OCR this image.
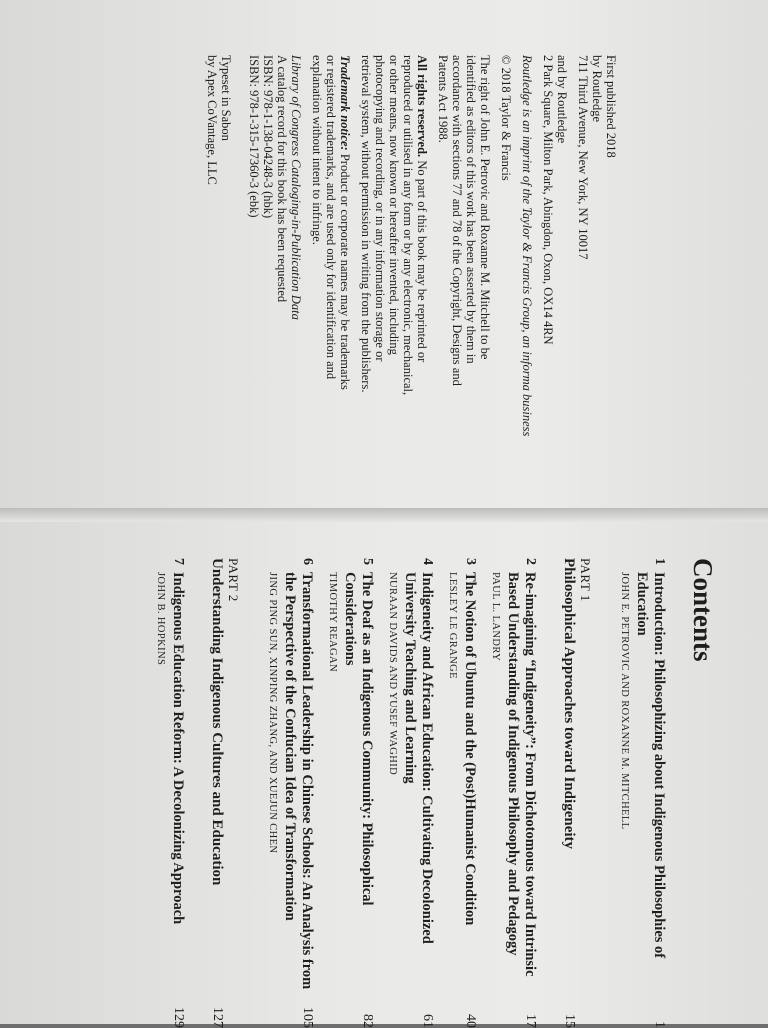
First published 2018
by Routledge
711 Third Avenue, New York, NY 10017

and by Routledge
2 Park Square, Milton Park, Abingdon, Oxon, OX14 4RN

Routledge is an imprint of the Taylor & Francis Group, an informa business

© 2018 Taylor & Francis

The right of John E. Petrovic and Roxanne M. Mitchell to be
identified as editors of this work has been asserted by them in
accordance with sections 77 and 78 of the Copyright, Designs and
Patents Act 1988.

All rights reserved. No part of this book may be reprinted or
reproduced or utilised in any form or by any electronic, mechanical,
or other means, now known or hereafter invented, including
photocopying and recording, or in any information storage or
retrieval system, without permission in writing from the publishers.

Trademark notice: Product or corporate names may be trademarks
or registered trademarks, and are used only for identification and
explanation without intent to infringe.

Library of Congress Cataloging-in-Publication Data
A catalog record for this book has been requested
ISBN: 978-1-138-04248-3 (hbk)
ISBN: 978-1-315-17360-3 (ebk)

Typeset in Sabon
by Apex CoVantage, LLC

Contents
1
Introduction: Philosophizing about Indigenous Philosophies of Education
JOHN E. PETROVIC AND ROXANNE M. MITCHELL
1
PART 1
Philosophical Approaches toward Indigeneity
15
2
Re-imagining “Indigeneity”: From Dichotomous toward Intrinsic Based Understanding of Indigenous Philosophy and Pedagogy
PAUL L. LANDRY
17
3
The Notion of Ubuntu and the (Post)Humanist Condition
LESLEY LE GRANGE
40
4
Indigeneity and African Education: Cultivating Decolonized University Teaching and Learning
NURAAN DAVIDS AND YUSEF WAGHID
61
5
The Deaf as an Indigenous Community: Philosophical Considerations
TIMOTHY REAGAN
82
6
Transformational Leadership in Chinese Schools: An Analysis from the Perspective of the Confucian Idea of Transformation
JING PING SUN, XINPING ZHANG, AND XUEJUN CHEN
105
PART 2
Understanding Indigenous Cultures and Education
127
7
Indigenous Education Reform: A Decolonizing Approach
JOHN B. HOPKINS
129
